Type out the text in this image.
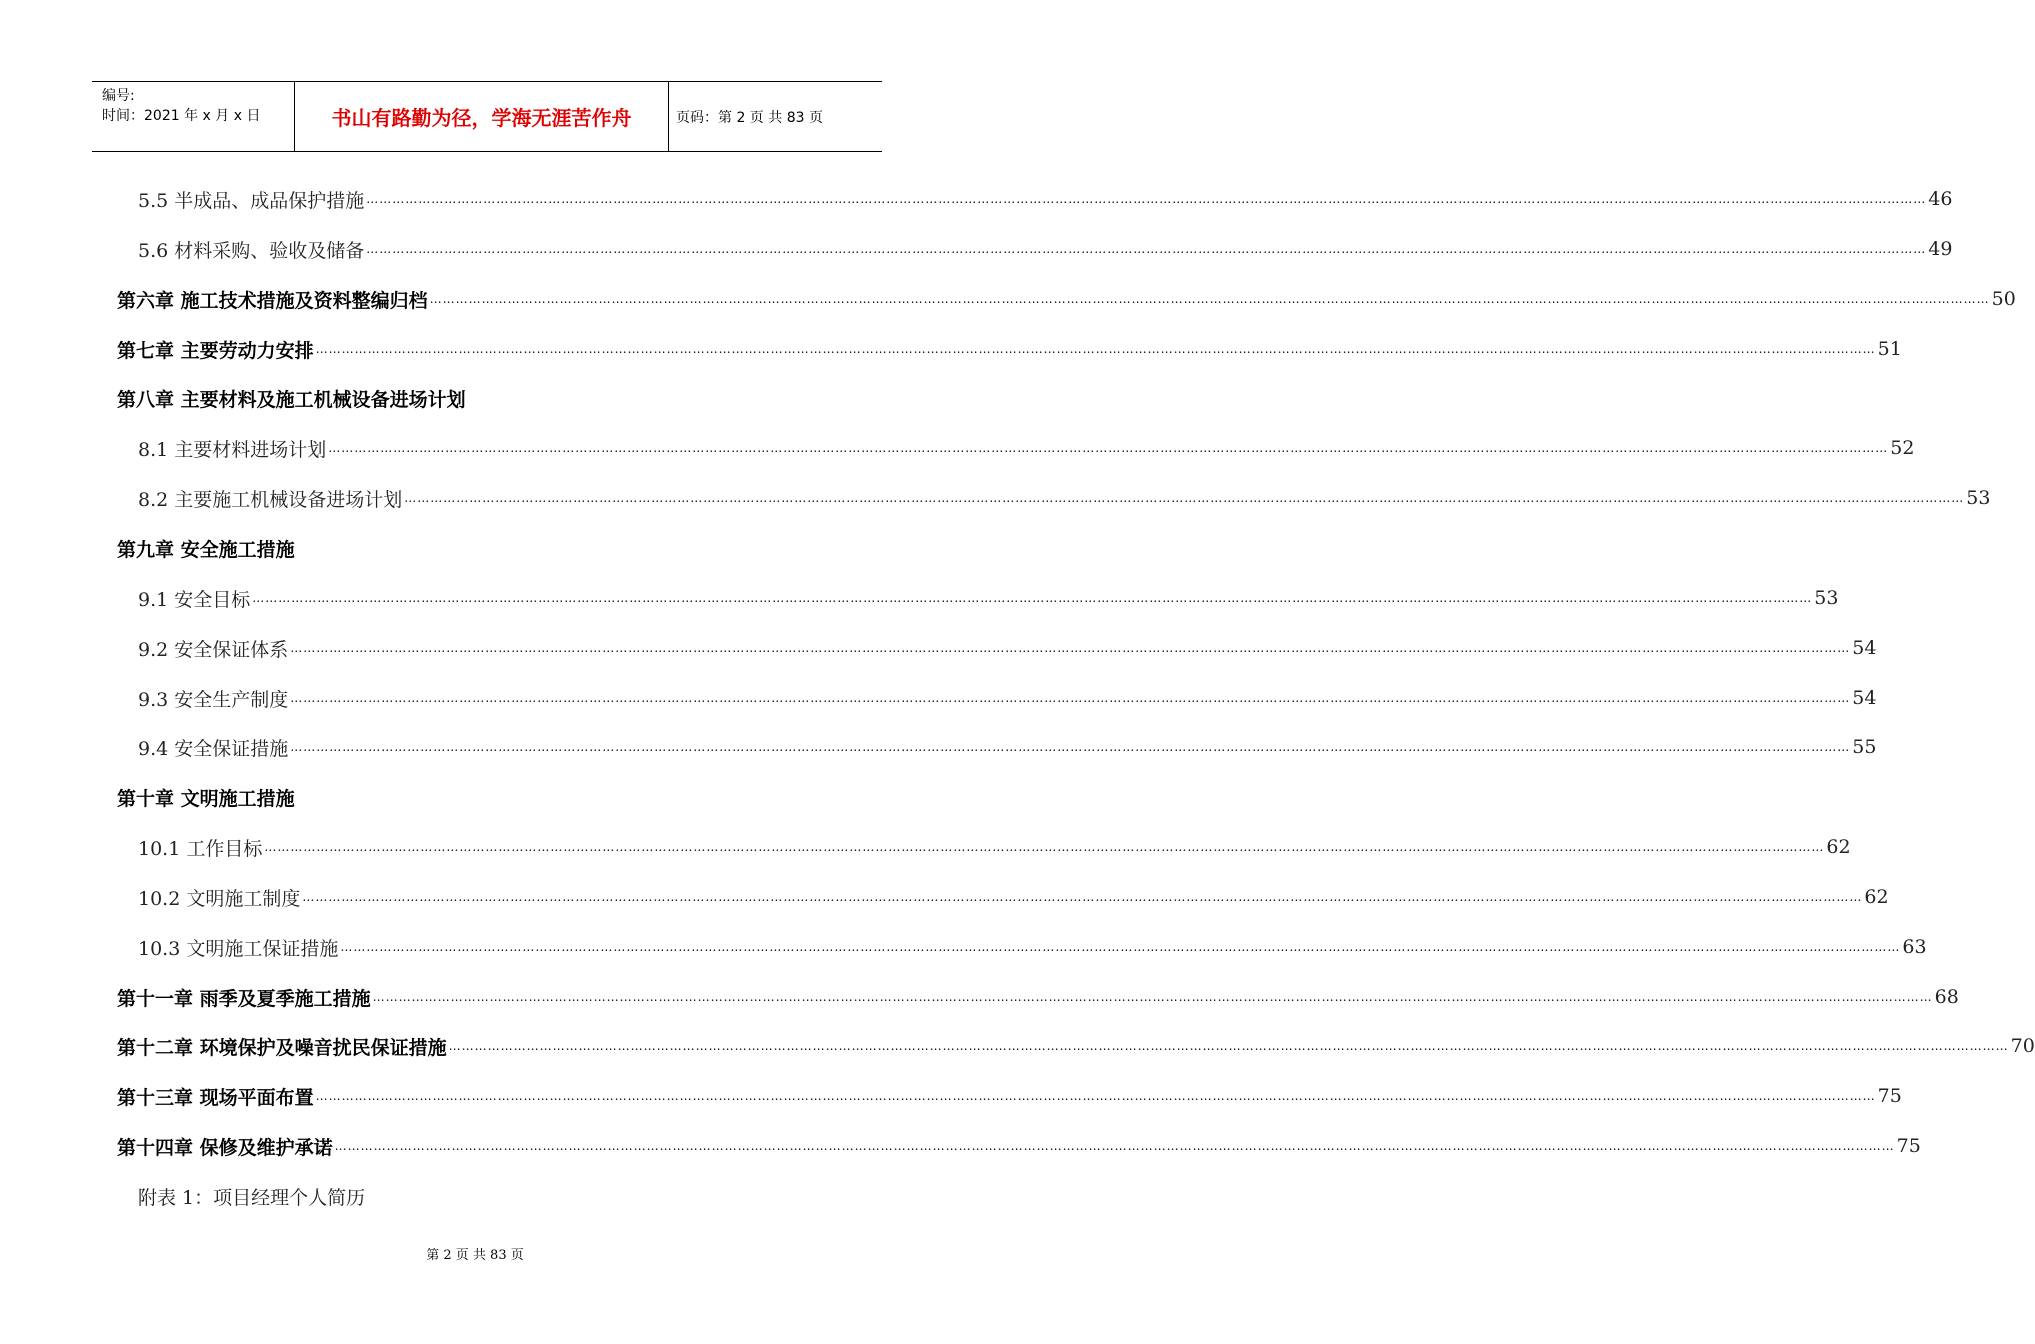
编号:
时间：2021 年 x 月 x 日	书山有路勤为径，学海无涯苦作舟	页码：第 2 页 共 83 页
5.5 半成品、成品保护措施 ……………………………………………………………………………………………………………………………………………………………………………………………………………………………………………………………………………………………………………………………… 46
5.6 材料采购、验收及储备 ……………………………………………………………………………………………………………………………………………………………………………………………………………………………………………………………………………………………………………………………… 49
第六章 施工技术措施及资料整编归档 ……………………………………………………………………………………………………………………………………………………………………………………………………………………………………………………………………………………………………………………………… 50
第七章 主要劳动力安排 ……………………………………………………………………………………………………………………………………………………………………………………………………………………………………………………………………………………………………………………………… 51
第八章 主要材料及施工机械设备进场计划
8.1 主要材料进场计划 ……………………………………………………………………………………………………………………………………………………………………………………………………………………………………………………………………………………………………………………………… 52
8.2 主要施工机械设备进场计划 ……………………………………………………………………………………………………………………………………………………………………………………………………………………………………………………………………………………………………………………………… 53
第九章 安全施工措施
9.1 安全目标 ……………………………………………………………………………………………………………………………………………………………………………………………………………………………………………………………………………………………………………………………… 53
9.2 安全保证体系 ……………………………………………………………………………………………………………………………………………………………………………………………………………………………………………………………………………………………………………………………… 54
9.3 安全生产制度 ……………………………………………………………………………………………………………………………………………………………………………………………………………………………………………………………………………………………………………………………… 54
9.4 安全保证措施 ……………………………………………………………………………………………………………………………………………………………………………………………………………………………………………………………………………………………………………………………… 55
第十章 文明施工措施
10.1 工作目标 ……………………………………………………………………………………………………………………………………………………………………………………………………………………………………………………………………………………………………………………………… 62
10.2 文明施工制度 ……………………………………………………………………………………………………………………………………………………………………………………………………………………………………………………………………………………………………………………………… 62
10.3 文明施工保证措施 ……………………………………………………………………………………………………………………………………………………………………………………………………………………………………………………………………………………………………………………………… 63
第十一章 雨季及夏季施工措施 ……………………………………………………………………………………………………………………………………………………………………………………………………………………………………………………………………………………………………………………………… 68
第十二章 环境保护及噪音扰民保证措施 ……………………………………………………………………………………………………………………………………………………………………………………………………………………………………………………………………………………………………………………………… 70
第十三章 现场平面布置 ……………………………………………………………………………………………………………………………………………………………………………………………………………………………………………………………………………………………………………………………… 75
第十四章 保修及维护承诺 ……………………………………………………………………………………………………………………………………………………………………………………………………………………………………………………………………………………………………………………………… 75
附表 1：项目经理个人简历
第 2 页 共 83 页
